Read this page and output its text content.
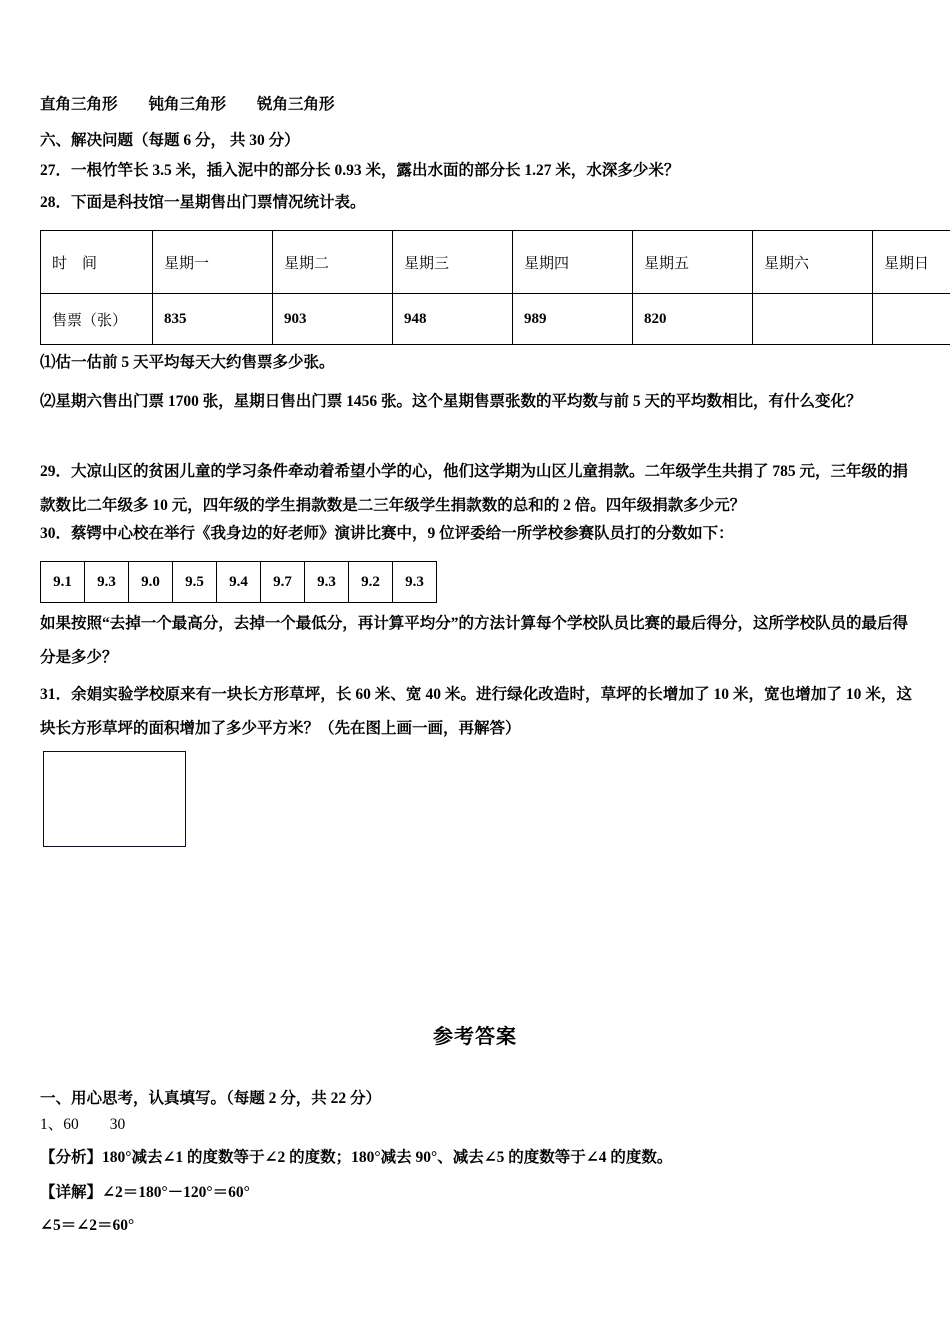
直角三角形　　钝角三角形　　锐角三角形
六、解决问题（每题 6 分， 共 30 分）
27．一根竹竿长 3.5 米，插入泥中的部分长 0.93 米，露出水面的部分长 1.27 米，水深多少米？
28．下面是科技馆一星期售出门票情况统计表。
时　间	星期一	星期二	星期三	星期四	星期五	星期六	星期日
售票（张）	835	903	948	989	820		
⑴估一估前 5 天平均每天大约售票多少张。
⑵星期六售出门票 1700 张，星期日售出门票 1456 张。这个星期售票张数的平均数与前 5 天的平均数相比，有什么变化？
29．大凉山区的贫困儿童的学习条件牵动着希望小学的心，他们这学期为山区儿童捐款。二年级学生共捐了 785 元，三年级的捐款数比二年级多 10 元，四年级的学生捐款数是二三年级学生捐款数的总和的 2 倍。四年级捐款多少元？
30．蔡锷中心校在举行《我身边的好老师》演讲比赛中，9 位评委给一所学校参赛队员打的分数如下：
9.1	9.3	9.0	9.5	9.4	9.7	9.3	9.2	9.3
如果按照“去掉一个最高分，去掉一个最低分，再计算平均分”的方法计算每个学校队员比赛的最后得分，这所学校队员的最后得分是多少？
31．余娟实验学校原来有一块长方形草坪，长 60 米、宽 40 米。进行绿化改造时，草坪的长增加了 10 米，宽也增加了 10 米，这块长方形草坪的面积增加了多少平方米？（先在图上画一画，再解答）
参考答案
一、用心思考，认真填写。（每题 2 分，共 22 分）
1、60　　30
【分析】180°减去∠1 的度数等于∠2 的度数；180°减去 90°、减去∠5 的度数等于∠4 的度数。
【详解】∠2＝180°－120°＝60°
∠5＝∠2＝60°
